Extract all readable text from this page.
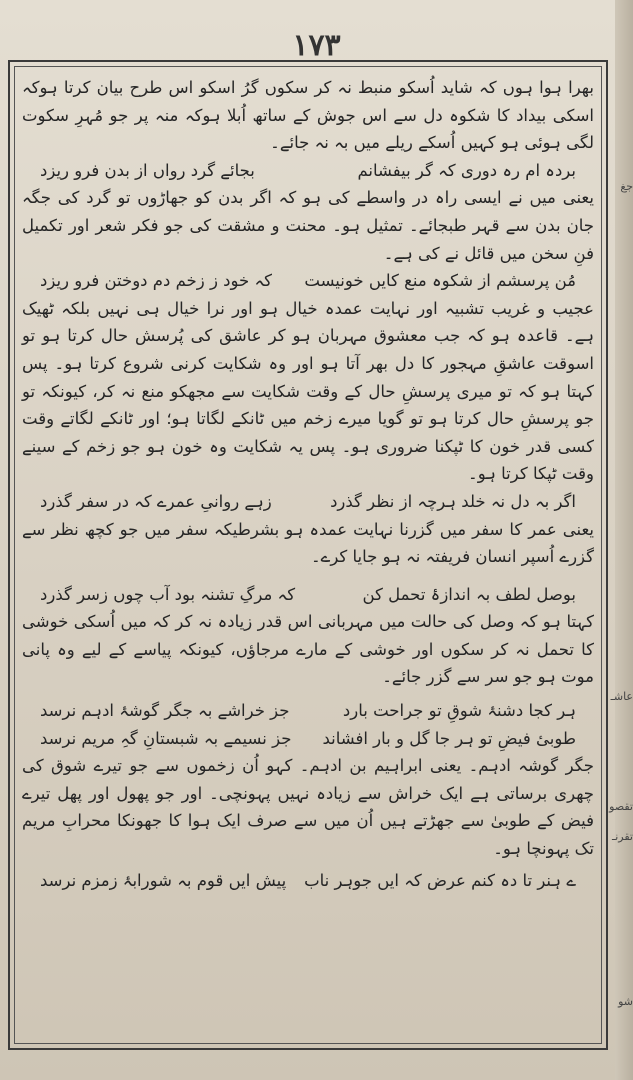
۱۷۳

بھرا ہوا ہوں کہ شاید اُسکو منبط نہ کر سکوں گرُ اسکو اس طرح بیان کرتا ہوکہ اسکی بیداد کا شکوہ دل سے اس جوش کے ساتھ اُبلا ہوکہ منہ پر جو مُہرِ سکوت لگی ہوئی ہو کہیں اُسکے ریلے میں بہ نہ جائے۔

بردہ ام رہ دوری کہ گر بیفشانم
بجائے گرد رواں از بدن فرو ریزد

یعنی میں نے ایسی راہ در واسطے کی ہو کہ اگر بدن کو جھاڑوں تو گرد کی جگہ جان بدن سے قہر طبجائے۔ تمثیل ہو۔ محنت و مشقت کی جو فکر شعر اور تکمیل فنِ سخن میں قائل نے کی ہے۔

مُن پرسشم از شکوہ منع کایں خونیست
کہ خود ز زخم دم دوختن فرو ریزد

عجیب و غریب تشبیہ اور نہایت عمدہ خیال ہو اور نرا خیال ہی نہیں بلکہ ٹھیک ہے۔ قاعدہ ہو کہ جب معشوق مہربان ہو کر عاشق کی پُرسش حال کرتا ہو تو اسوقت عاشقِ مہجور کا دل بھر آتا ہو اور وہ شکایت کرنی شروع کرتا ہو۔ پس کہتا ہو کہ تو میری پرسشِ حال کے وقت شکایت سے مجھکو منع نہ کر، کیونکہ تو جو پرسشِ حال کرتا ہو تو گویا میرے زخم میں ٹانکے لگاتا ہو؛ اور ٹانکے لگاتے وقت کسی قدر خون کا ٹپکنا ضروری ہو۔ پس یہ شکایت وہ خون ہو جو زخم کے سینے وقت ٹپکا کرتا ہو۔

اگر بہ دل نہ خلد ہرچہ از نظر گذرد
زہے روانیِ عمرے کہ در سفر گذرد

یعنی عمر کا سفر میں گزرنا نہایت عمدہ ہو بشرطیکہ سفر میں جو کچھ نظر سے گزرے اُسپر انسان فریفتہ نہ ہو جایا کرے۔

بوصل لطف بہ اندازۂ تحمل کن
کہ مرگِ تشنہ بود آب چوں زسر گذرد

کہتا ہو کہ وصل کی حالت میں مہربانی اس قدر زیادہ نہ کر کہ میں اُسکی خوشی کا تحمل نہ کر سکوں اور خوشی کے مارے مرجاؤں، کیونکہ پیاسے کے لیے وہ پانی موت ہو جو سر سے گزر جائے۔

ہر کجا دشنۂ شوقِ تو جراحت بارد
جز خراشے بہ جگر گوشۂ ادہم نرسد
طوبیٔ فیضِ تو ہر جا گل و بار افشاند
جز نسیمے بہ شبستانِ گہِ مریم نرسد

جگر گوشہ ادہم۔ یعنی ابراہیم بن ادہم۔ کہو اُن زخموں سے جو تیرے شوق کی چھری برساتی ہے ایک خراش سے زیادہ نہیں پہونچی۔ اور جو پھول اور پھل تیرے فیض کے طوبیٰ سے جھڑتے ہیں اُن میں سے صرف ایک ہوا کا جھونکا محرابِ مریم تک پہونچا ہو۔

ے ہنر تا دہ کنم عرض کہ ایں جوہر ناب
پیش ایں قوم بہ شورابۂ زمزم نرسد
جغ
عاشـ
تقصو
تقرنـ
شو
